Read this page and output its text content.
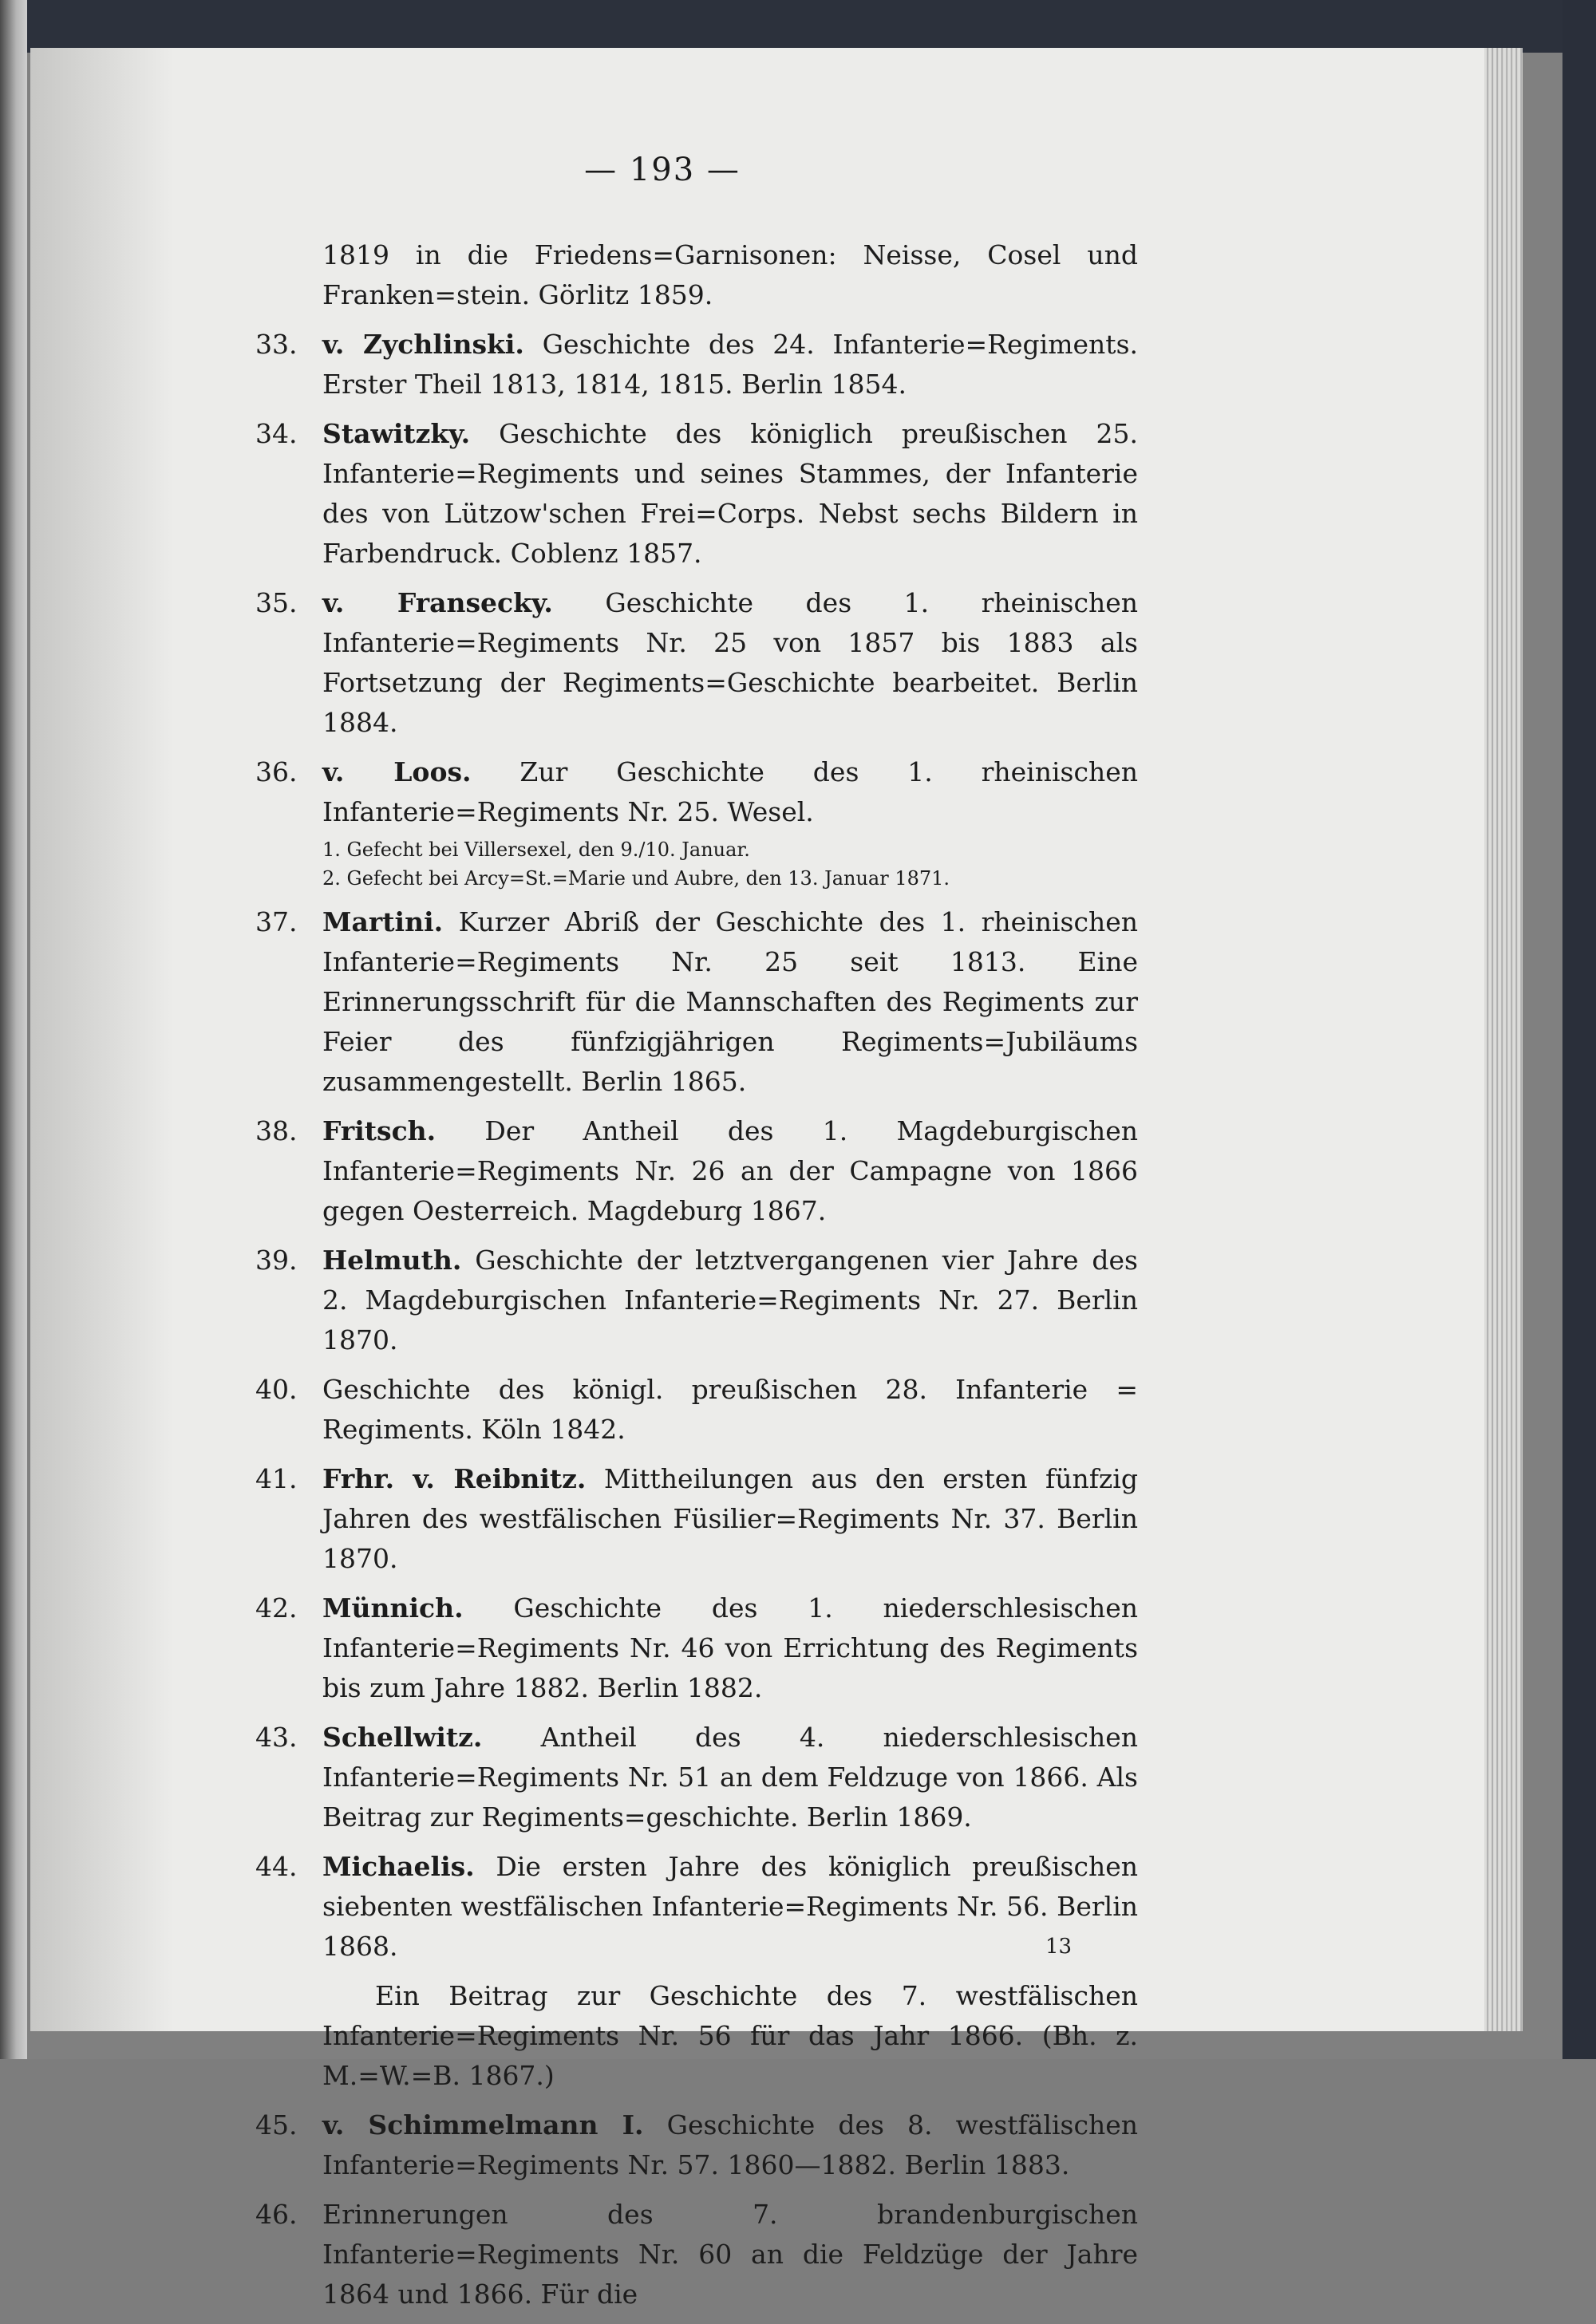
— 193 —
1819 in die Friedens=Garnisonen: Neisse, Cosel und Franken=stein. Görlitz 1859.
33. v. Zychlinski. Geschichte des 24. Infanterie=Regiments. Erster Theil 1813, 1814, 1815. Berlin 1854.
34. Stawitzky. Geschichte des königlich preußischen 25. Infanterie=Regiments und seines Stammes, der Infanterie des von Lützow'schen Frei=Corps. Nebst sechs Bildern in Farbendruck. Coblenz 1857.
35. v. Fransecky. Geschichte des 1. rheinischen Infanterie=Regiments Nr. 25 von 1857 bis 1883 als Fortsetzung der Regiments=Geschichte bearbeitet. Berlin 1884.
36. v. Loos. Zur Geschichte des 1. rheinischen Infanterie=Regiments Nr. 25. Wesel.

1. Gefecht bei Villersexel, den 9./10. Januar.

2. Gefecht bei Arcy=St.=Marie und Aubre, den 13. Januar 1871.

37. Martini. Kurzer Abriß der Geschichte des 1. rheinischen Infanterie=Regiments Nr. 25 seit 1813. Eine Erinnerungsschrift für die Mannschaften des Regiments zur Feier des fünfzigjährigen Regiments=Jubiläums zusammengestellt. Berlin 1865.
38. Fritsch. Der Antheil des 1. Magdeburgischen Infanterie=Regiments Nr. 26 an der Campagne von 1866 gegen Oesterreich. Magdeburg 1867.
39. Helmuth. Geschichte der letztvergangenen vier Jahre des 2. Magdeburgischen Infanterie=Regiments Nr. 27. Berlin 1870.
40. Geschichte des königl. preußischen 28. Infanterie = Regiments. Köln 1842.
41. Frhr. v. Reibnitz. Mittheilungen aus den ersten fünfzig Jahren des westfälischen Füsilier=Regiments Nr. 37. Berlin 1870.
42. Münnich. Geschichte des 1. niederschlesischen Infanterie=Regiments Nr. 46 von Errichtung des Regiments bis zum Jahre 1882. Berlin 1882.
43. Schellwitz. Antheil des 4. niederschlesischen Infanterie=Regiments Nr. 51 an dem Feldzuge von 1866. Als Beitrag zur Regiments=geschichte. Berlin 1869.
44. Michaelis. Die ersten Jahre des königlich preußischen siebenten westfälischen Infanterie=Regiments Nr. 56. Berlin 1868.
Ein Beitrag zur Geschichte des 7. westfälischen Infanterie=Regiments Nr. 56 für das Jahr 1866. (Bh. z. M.=W.=B. 1867.)
45. v. Schimmelmann I. Geschichte des 8. westfälischen Infanterie=Regiments Nr. 57. 1860—1882. Berlin 1883.
46. Erinnerungen des 7. brandenburgischen Infanterie=Regiments Nr. 60 an die Feldzüge der Jahre 1864 und 1866. Für die
13
